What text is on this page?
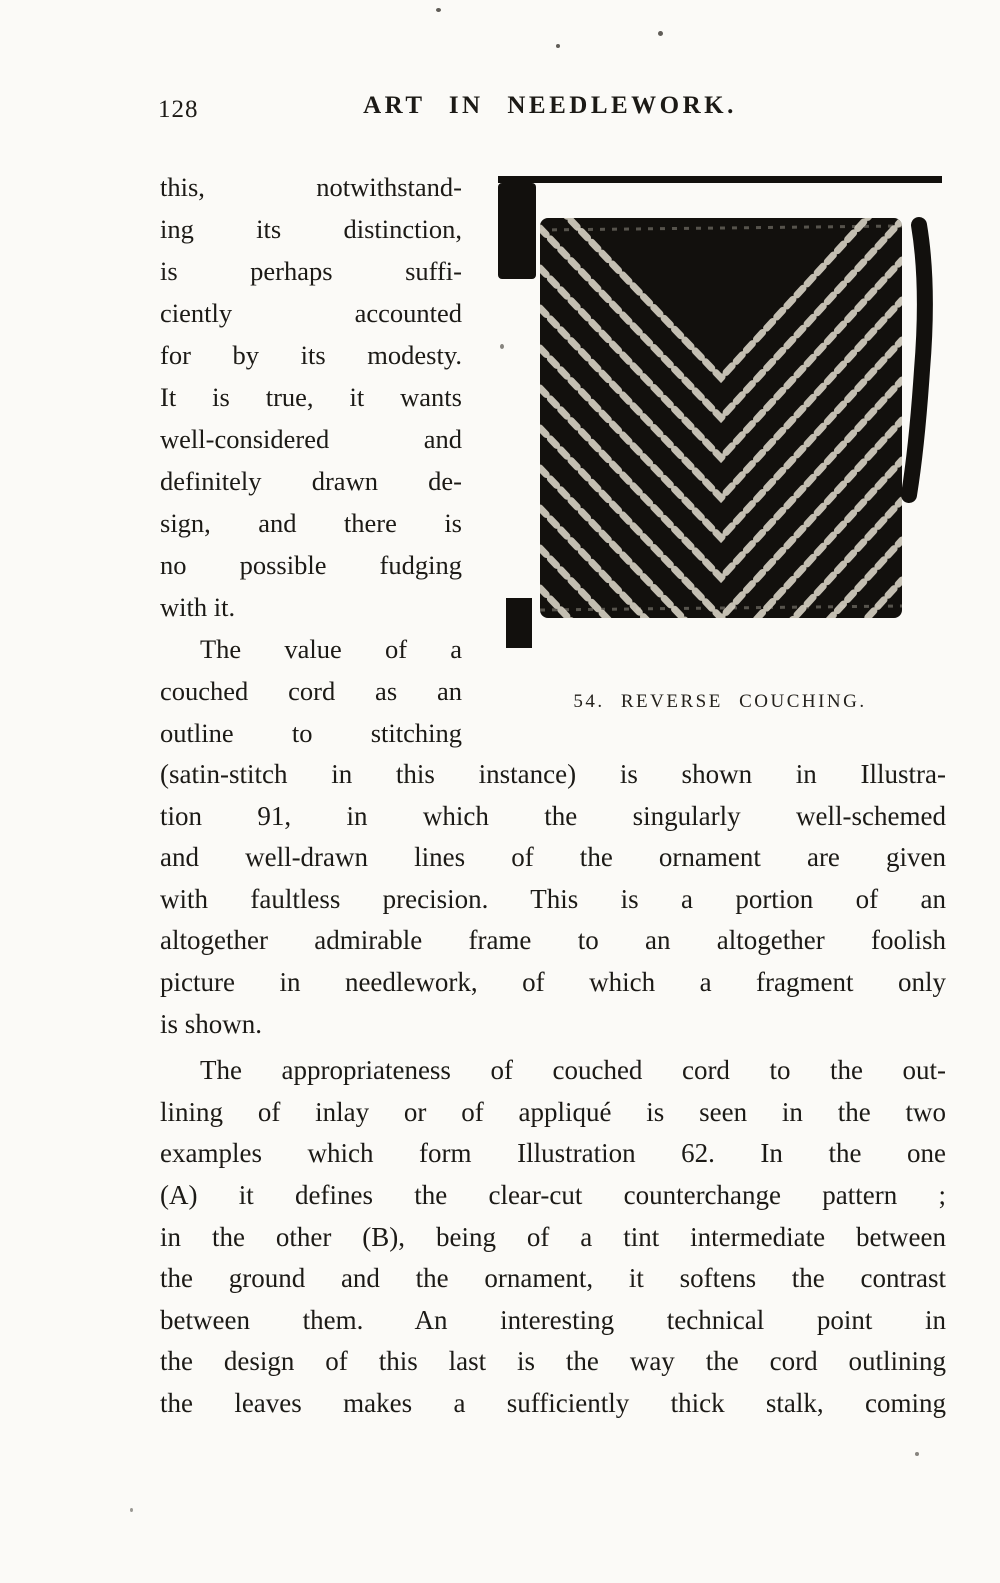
128	ART IN NEEDLEWORK.
this, notwithstand-
ing its distinction,
is perhaps suffi-
ciently accounted
for by its modesty.
It is true, it wants
well-considered and
definitely drawn de-
sign, and there is
no possible fudging
with it.
The value of a
couched cord as an
outline to stitching
54. REVERSE COUCHING.
(satin-stitch in this instance) is shown in Illustra-
tion 91, in which the singularly well-schemed
and well-drawn lines of the ornament are given
with faultless precision. This is a portion of an
altogether admirable frame to an altogether foolish
picture in needlework, of which a fragment only
is shown.
The appropriateness of couched cord to the out-
lining of inlay or of appliqué is seen in the two
examples which form Illustration 62. In the one
(A) it defines the clear-cut counterchange pattern ;
in the other (B), being of a tint intermediate between
the ground and the ornament, it softens the contrast
between them. An interesting technical point in
the design of this last is the way the cord outlining
the leaves makes a sufficiently thick stalk, coming
